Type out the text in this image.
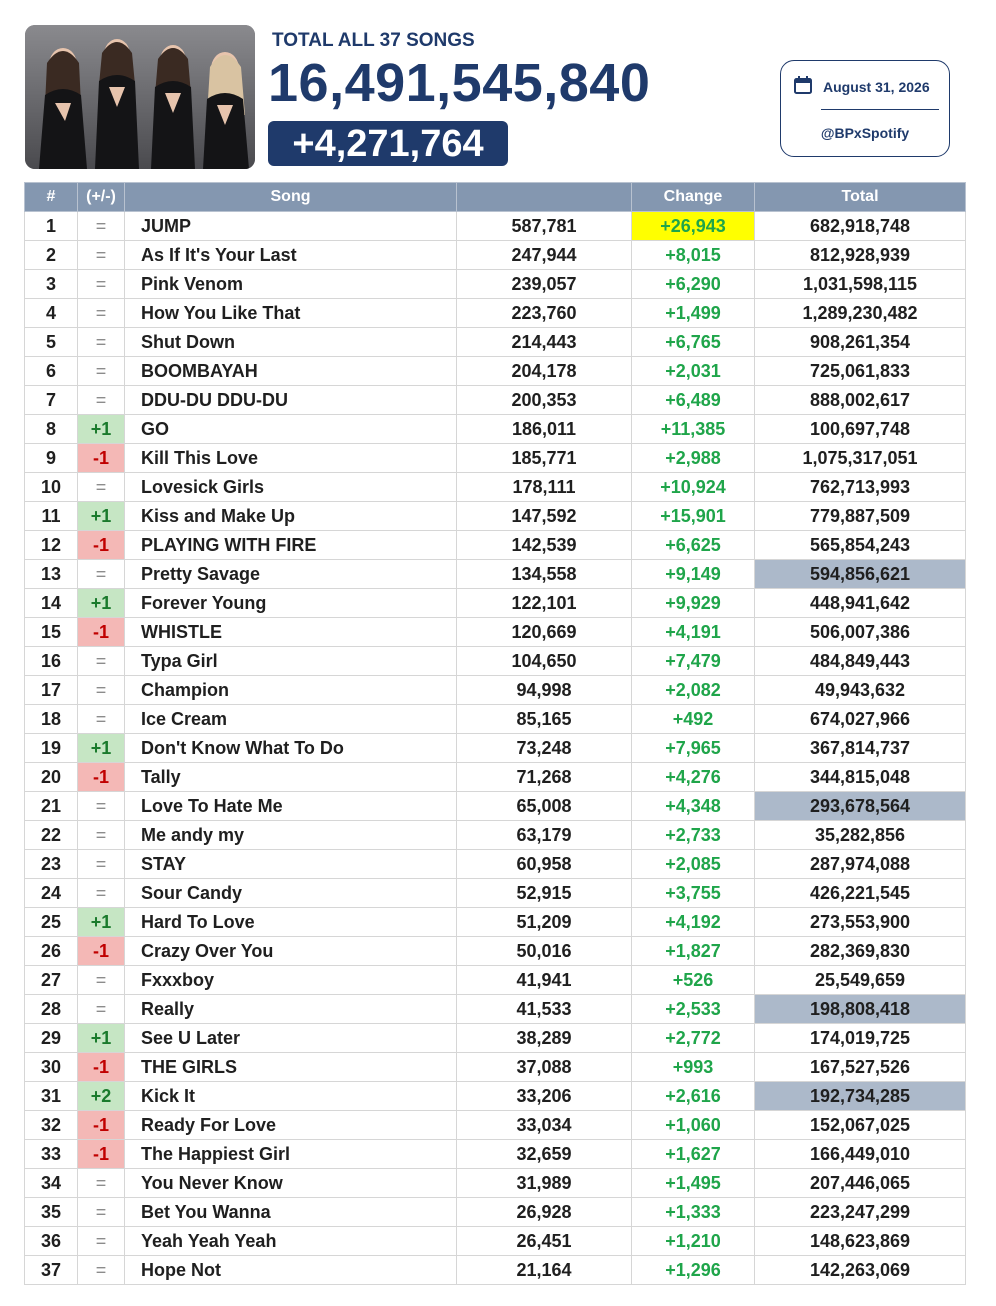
TOTAL ALL 37 SONGS
16,491,545,840
+4,271,764
August 31, 2026
@BPxSpotify
#	(+/-)	Song		Change	Total
1	=	JUMP	587,781	+26,943	682,918,748
2	=	As If It's Your Last	247,944	+8,015	812,928,939
3	=	Pink Venom	239,057	+6,290	1,031,598,115
4	=	How You Like That	223,760	+1,499	1,289,230,482
5	=	Shut Down	214,443	+6,765	908,261,354
6	=	BOOMBAYAH	204,178	+2,031	725,061,833
7	=	DDU-DU DDU-DU	200,353	+6,489	888,002,617
8	+1	GO	186,011	+11,385	100,697,748
9	-1	Kill This Love	185,771	+2,988	1,075,317,051
10	=	Lovesick Girls	178,111	+10,924	762,713,993
11	+1	Kiss and Make Up	147,592	+15,901	779,887,509
12	-1	PLAYING WITH FIRE	142,539	+6,625	565,854,243
13	=	Pretty Savage	134,558	+9,149	594,856,621
14	+1	Forever Young	122,101	+9,929	448,941,642
15	-1	WHISTLE	120,669	+4,191	506,007,386
16	=	Typa Girl	104,650	+7,479	484,849,443
17	=	Champion	94,998	+2,082	49,943,632
18	=	Ice Cream	85,165	+492	674,027,966
19	+1	Don't Know What To Do	73,248	+7,965	367,814,737
20	-1	Tally	71,268	+4,276	344,815,048
21	=	Love To Hate Me	65,008	+4,348	293,678,564
22	=	Me andy my	63,179	+2,733	35,282,856
23	=	STAY	60,958	+2,085	287,974,088
24	=	Sour Candy	52,915	+3,755	426,221,545
25	+1	Hard To Love	51,209	+4,192	273,553,900
26	-1	Crazy Over You	50,016	+1,827	282,369,830
27	=	Fxxxboy	41,941	+526	25,549,659
28	=	Really	41,533	+2,533	198,808,418
29	+1	See U Later	38,289	+2,772	174,019,725
30	-1	THE GIRLS	37,088	+993	167,527,526
31	+2	Kick It	33,206	+2,616	192,734,285
32	-1	Ready For Love	33,034	+1,060	152,067,025
33	-1	The Happiest Girl	32,659	+1,627	166,449,010
34	=	You Never Know	31,989	+1,495	207,446,065
35	=	Bet You Wanna	26,928	+1,333	223,247,299
36	=	Yeah Yeah Yeah	26,451	+1,210	148,623,869
37	=	Hope Not	21,164	+1,296	142,263,069
